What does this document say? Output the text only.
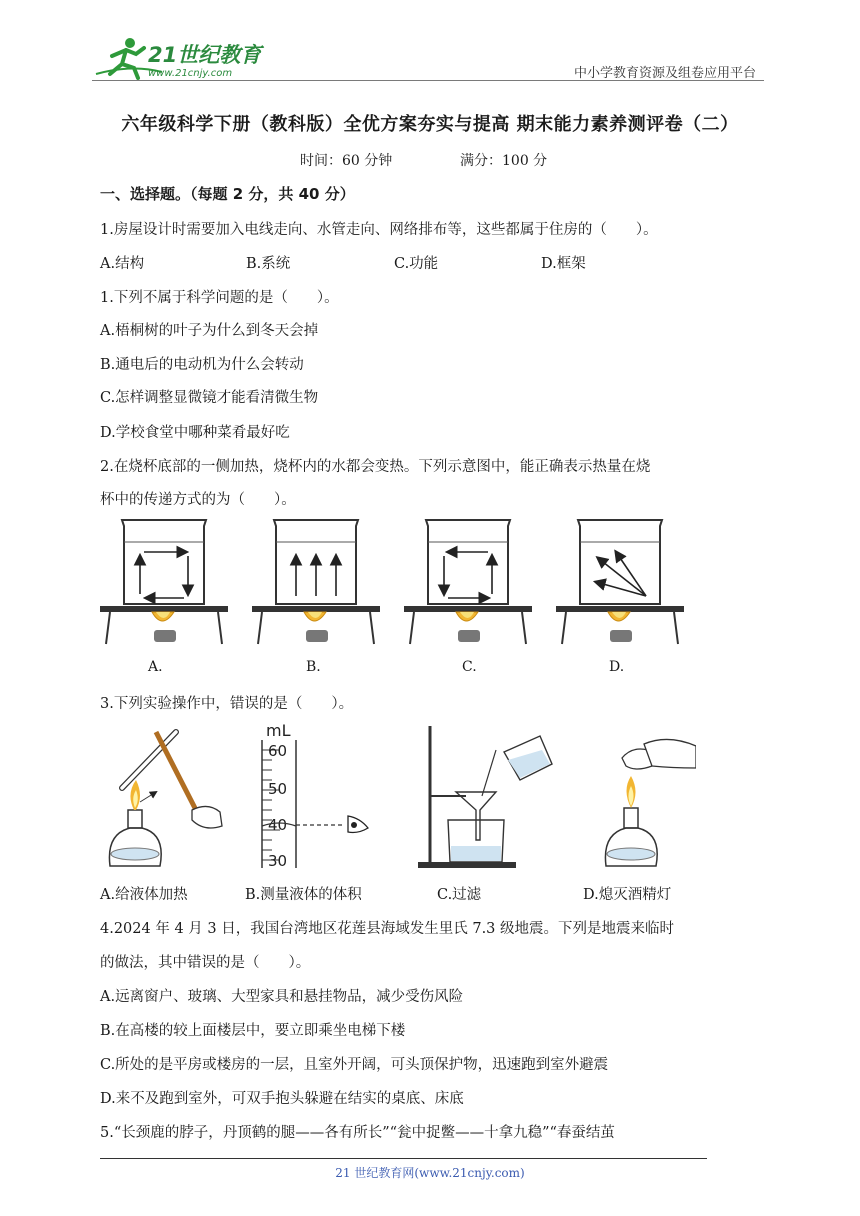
21世纪教育
www.21cnjy.com	中小学教育资源及组卷应用平台
六年级科学下册（教科版）全优方案夯实与提高 期末能力素养测评卷（二）
时间：60 分钟	满分：100 分
一、选择题。（每题 2 分，共 40 分）
1.房屋设计时需要加入电线走向、水管走向、网络排布等，这些都属于住房的（　　）。
A.结构	B.系统	C.功能	D.框架
1.下列不属于科学问题的是（　　）。
A.梧桐树的叶子为什么到冬天会掉
B.通电后的电动机为什么会转动
C.怎样调整显微镜才能看清微生物
D.学校食堂中哪种菜肴最好吃
2.在烧杯底部的一侧加热，烧杯内的水都会变热。下列示意图中，能正确表示热量在烧
杯中的传递方式的为（　　）。
A.	B.	C.	D.
3.下列实验操作中，错误的是（　　）。
mL
60
50
40
30
A.给液体加热	B.测量液体的体积	C.过滤	D.熄灭酒精灯
4.2024 年 4 月 3 日，我国台湾地区花莲县海域发生里氏 7.3 级地震。下列是地震来临时
的做法，其中错误的是（　　）。
A.远离窗户、玻璃、大型家具和悬挂物品，减少受伤风险
B.在高楼的较上面楼层中，要立即乘坐电梯下楼
C.所处的是平房或楼房的一层，且室外开阔，可头顶保护物，迅速跑到室外避震
D.来不及跑到室外，可双手抱头躲避在结实的桌底、床底
5.“长颈鹿的脖子，丹顶鹤的腿——各有所长”“瓮中捉鳖——十拿九稳”“春蚕结茧
21 世纪教育网(www.21cnjy.com)
